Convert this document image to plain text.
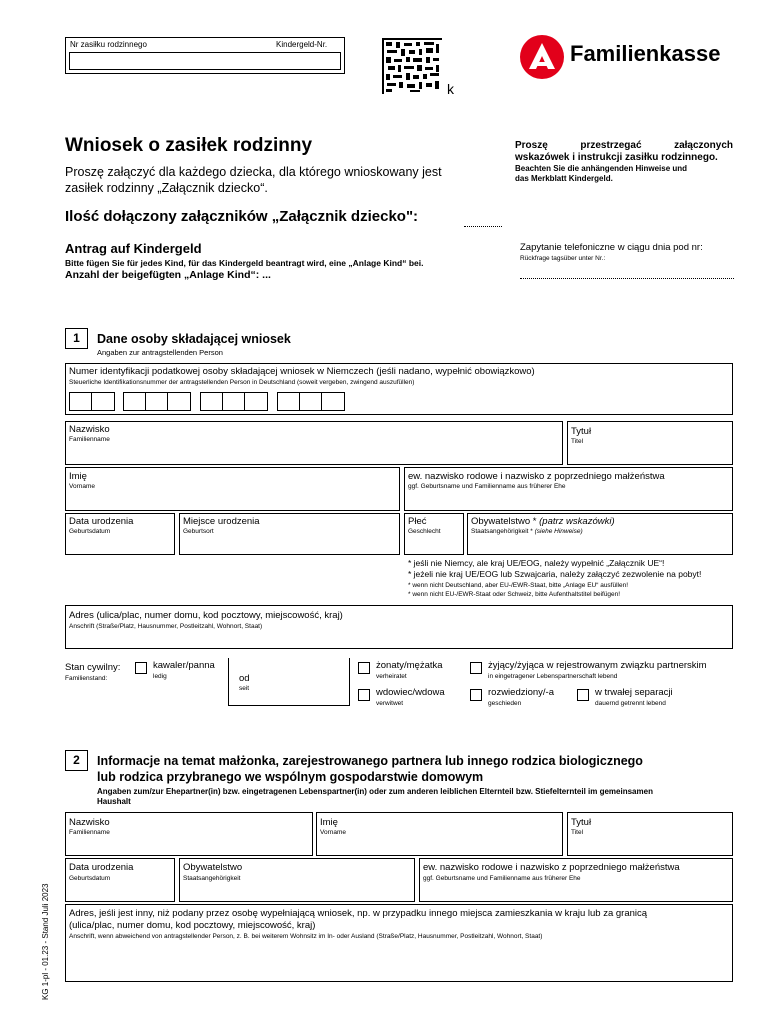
KG 1-pl - 01.23 - Stand Juli 2023
Nr zasiłku rodzinnego	Kindergeld-Nr.
k
Familienkasse
Wniosek o zasiłek rodzinny
Proszę załączyć dla każdego dziecka, dla którego wnioskowany jest
zasiłek rodzinny „Załącznik dziecko“.
Ilość dołączony załączników „Załącznik dziecko":
Antrag auf Kindergeld
Bitte fügen Sie für jedes Kind, für das Kindergeld beantragt wird, eine „Anlage Kind“ bei.
Anzahl der beigefügten „Anlage Kind“: ...
Proszę przestrzegać załączonych
wskazówek i instrukcji zasiłku rodzinnego.
Beachten Sie die anhängenden Hinweise und
das Merkblatt Kindergeld.
Zapytanie telefoniczne w ciągu dnia pod nr:
Rückfrage tagsüber unter Nr.:
1	Dane osoby składającej wniosek
Angaben zur antragstellenden Person
Numer identyfikacji podatkowej osoby składającej wniosek w Niemczech (jeśli nadano, wypełnić obowiązkowo)
Steuerliche Identifikationsnummer der antragstellenden Person in Deutschland (soweit vergeben, zwingend auszufüllen)
Nazwisko
Familienname
Tytuł
Titel
Imię
Vorname
ew. nazwisko rodowe i nazwisko z poprzedniego małżeństwa
ggf. Geburtsname und Familienname aus früherer Ehe
Data urodzenia
Geburtsdatum
Miejsce urodzenia
Geburtsort
Płeć
Geschlecht
Obywatelstwo * (patrz wskazówki)
Staatsangehörigkeit * (siehe Hinweise)
* jeśli nie Niemcy, ale kraj UE/EOG, należy wypełnić „Załącznik UE“!
* jeżeli nie kraj UE/EOG lub Szwajcaria, należy załączyć zezwolenie na pobyt!
* wenn nicht Deutschland, aber EU-/EWR-Staat, bitte „Anlage EU“ ausfüllen!
* wenn nicht EU-/EWR-Staat oder Schweiz, bitte Aufenthaltstitel beifügen!
Adres (ulica/plac, numer domu, kod pocztowy, miejscowość, kraj)
Anschrift (Straße/Platz, Hausnummer, Postleitzahl, Wohnort, Staat)
Stan cywilny:
Familienstand:
kawaler/panna
ledig	od
seit
żonaty/mężatka
verheiratet
żyjący/żyjąca w rejestrowanym związku partnerskim
in eingetragener Lebenspartnerschaft lebend
wdowiec/wdowa
verwitwet
rozwiedziony/-a
geschieden
w trwałej separacji
dauernd getrennt lebend
2	Informacje na temat małżonka, zarejestrowanego partnera lub innego rodzica biologicznego
lub rodzica przybranego we wspólnym gospodarstwie domowym
Angaben zum/zur Ehepartner(in) bzw. eingetragenen Lebenspartner(in) oder zum anderen leiblichen Elternteil bzw. Stiefelternteil im gemeinsamen
Haushalt
Nazwisko
Familienname
Imię
Vorname
Tytuł
Titel
Data urodzenia
Geburtsdatum
Obywatelstwo
Staatsangehörigkeit
ew. nazwisko rodowe i nazwisko z poprzedniego małżeństwa
ggf. Geburtsname und Familienname aus früherer Ehe
Adres, jeśli jest inny, niż podany przez osobę wypełniającą wniosek, np. w przypadku innego miejsca zamieszkania w kraju lub za granicą
(ulica/plac, numer domu, kod pocztowy, miejscowość, kraj)
Anschrift, wenn abweichend von antragstellender Person, z. B. bei weiterem Wohnsitz im In- oder Ausland (Straße/Platz, Hausnummer, Postleitzahl, Wohnort, Staat)
